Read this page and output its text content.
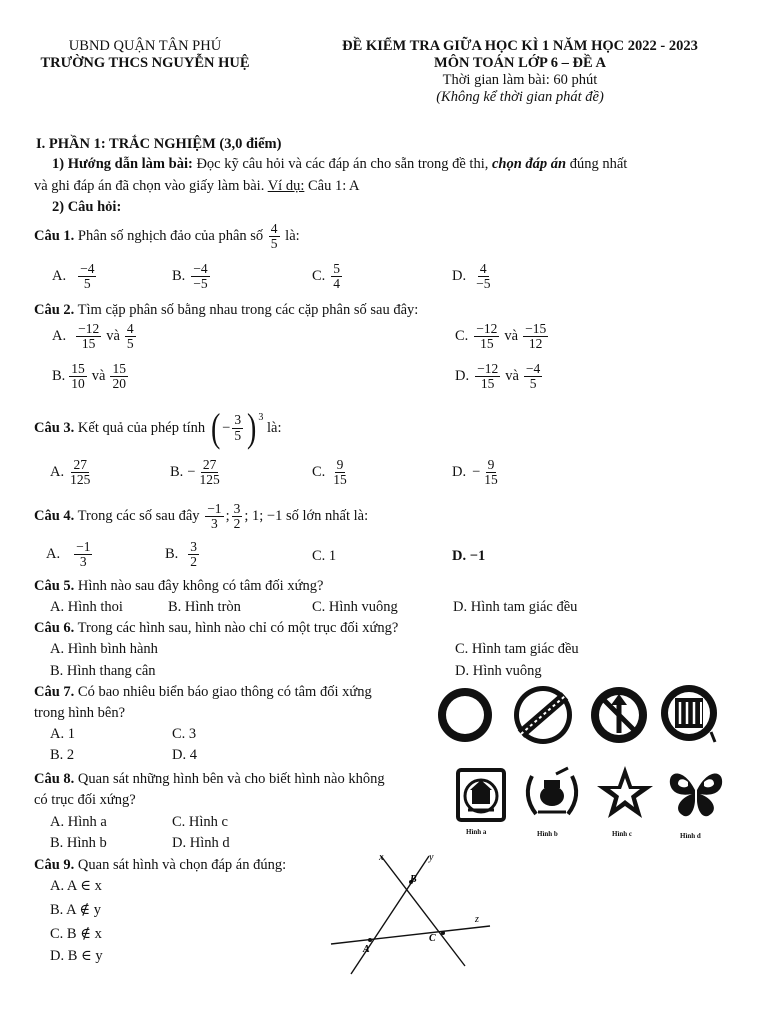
UBND QUẬN TÂN PHÚ
TRƯỜNG THCS NGUYỄN HUỆ
ĐỀ KIỂM TRA GIỮA HỌC KÌ 1 NĂM HỌC 2022 - 2023
MÔN TOÁN LỚP 6 – ĐỀ A
Thời gian làm bài: 60 phút
(Không kể thời gian phát đề)
I. PHẦN 1: TRẮC NGHIỆM (3,0 điểm)
1) Hướng dẫn làm bài: Đọc kỹ câu hỏi và các đáp án cho sẵn trong đề thi, chọn đáp án đúng nhất
và ghi đáp án đã chọn vào giấy làm bài. Ví dụ: Câu 1: A
2) Câu hỏi:
Câu 1. Phân số nghịch đảo của phân số $\frac{4}{5}$ là:
A. $\frac{-4}{5}$	B. $\frac{-4}{-5}$	C. $\frac{5}{4}$	D. $\frac{4}{-5}$
Câu 2. Tìm cặp phân số bằng nhau trong các cặp phân số sau đây:
A. $\frac{-12}{15}$ và $\frac{4}{5}$	C. $\frac{-12}{15}$ và $\frac{-15}{12}$
B. $\frac{15}{10}$ và $\frac{15}{20}$	D. $\frac{-12}{15}$ và $\frac{-4}{5}$
Câu 3. Kết quả của phép tính ( − $\frac{3}{5}$ ) 3
là:
A. $\frac{27}{125}$	B. − $\frac{27}{125}$	C. $\frac{9}{15}$	D. − $\frac{9}{15}$
Câu 4. Trong các số sau đây $\frac{-1}{3}$ ; $\frac{3}{2}$ ; 1; −1 số lớn nhất là:
A. $\frac{-1}{3}$	B. $\frac{3}{2}$	C. 1	D. −1
Câu 5. Hình nào sau đây không có tâm đối xứng?
A. Hình thoi	B. Hình tròn	C. Hình vuông	D. Hình tam giác đều
Câu 6. Trong các hình sau, hình nào chỉ có một trục đối xứng?
A. Hình bình hành	C. Hình tam giác đều
B. Hình thang cân	D. Hình vuông
Câu 7. Có bao nhiêu biển báo giao thông có tâm đối xứng
trong hình bên?
A. 1	C. 3
B. 2	D. 4
Câu 8. Quan sát những hình bên và cho biết hình nào không
có trục đối xứng?
A. Hình a	C. Hình c
B. Hình b	D. Hình d
Hình a	Hình b	Hình c	Hình d
Câu 9. Quan sát hình và chọn đáp án đúng:
A. A ∈ x
B. A ∉ y
C. B ∉ x
D. B ∈ y
x	y
z
B
A
C
